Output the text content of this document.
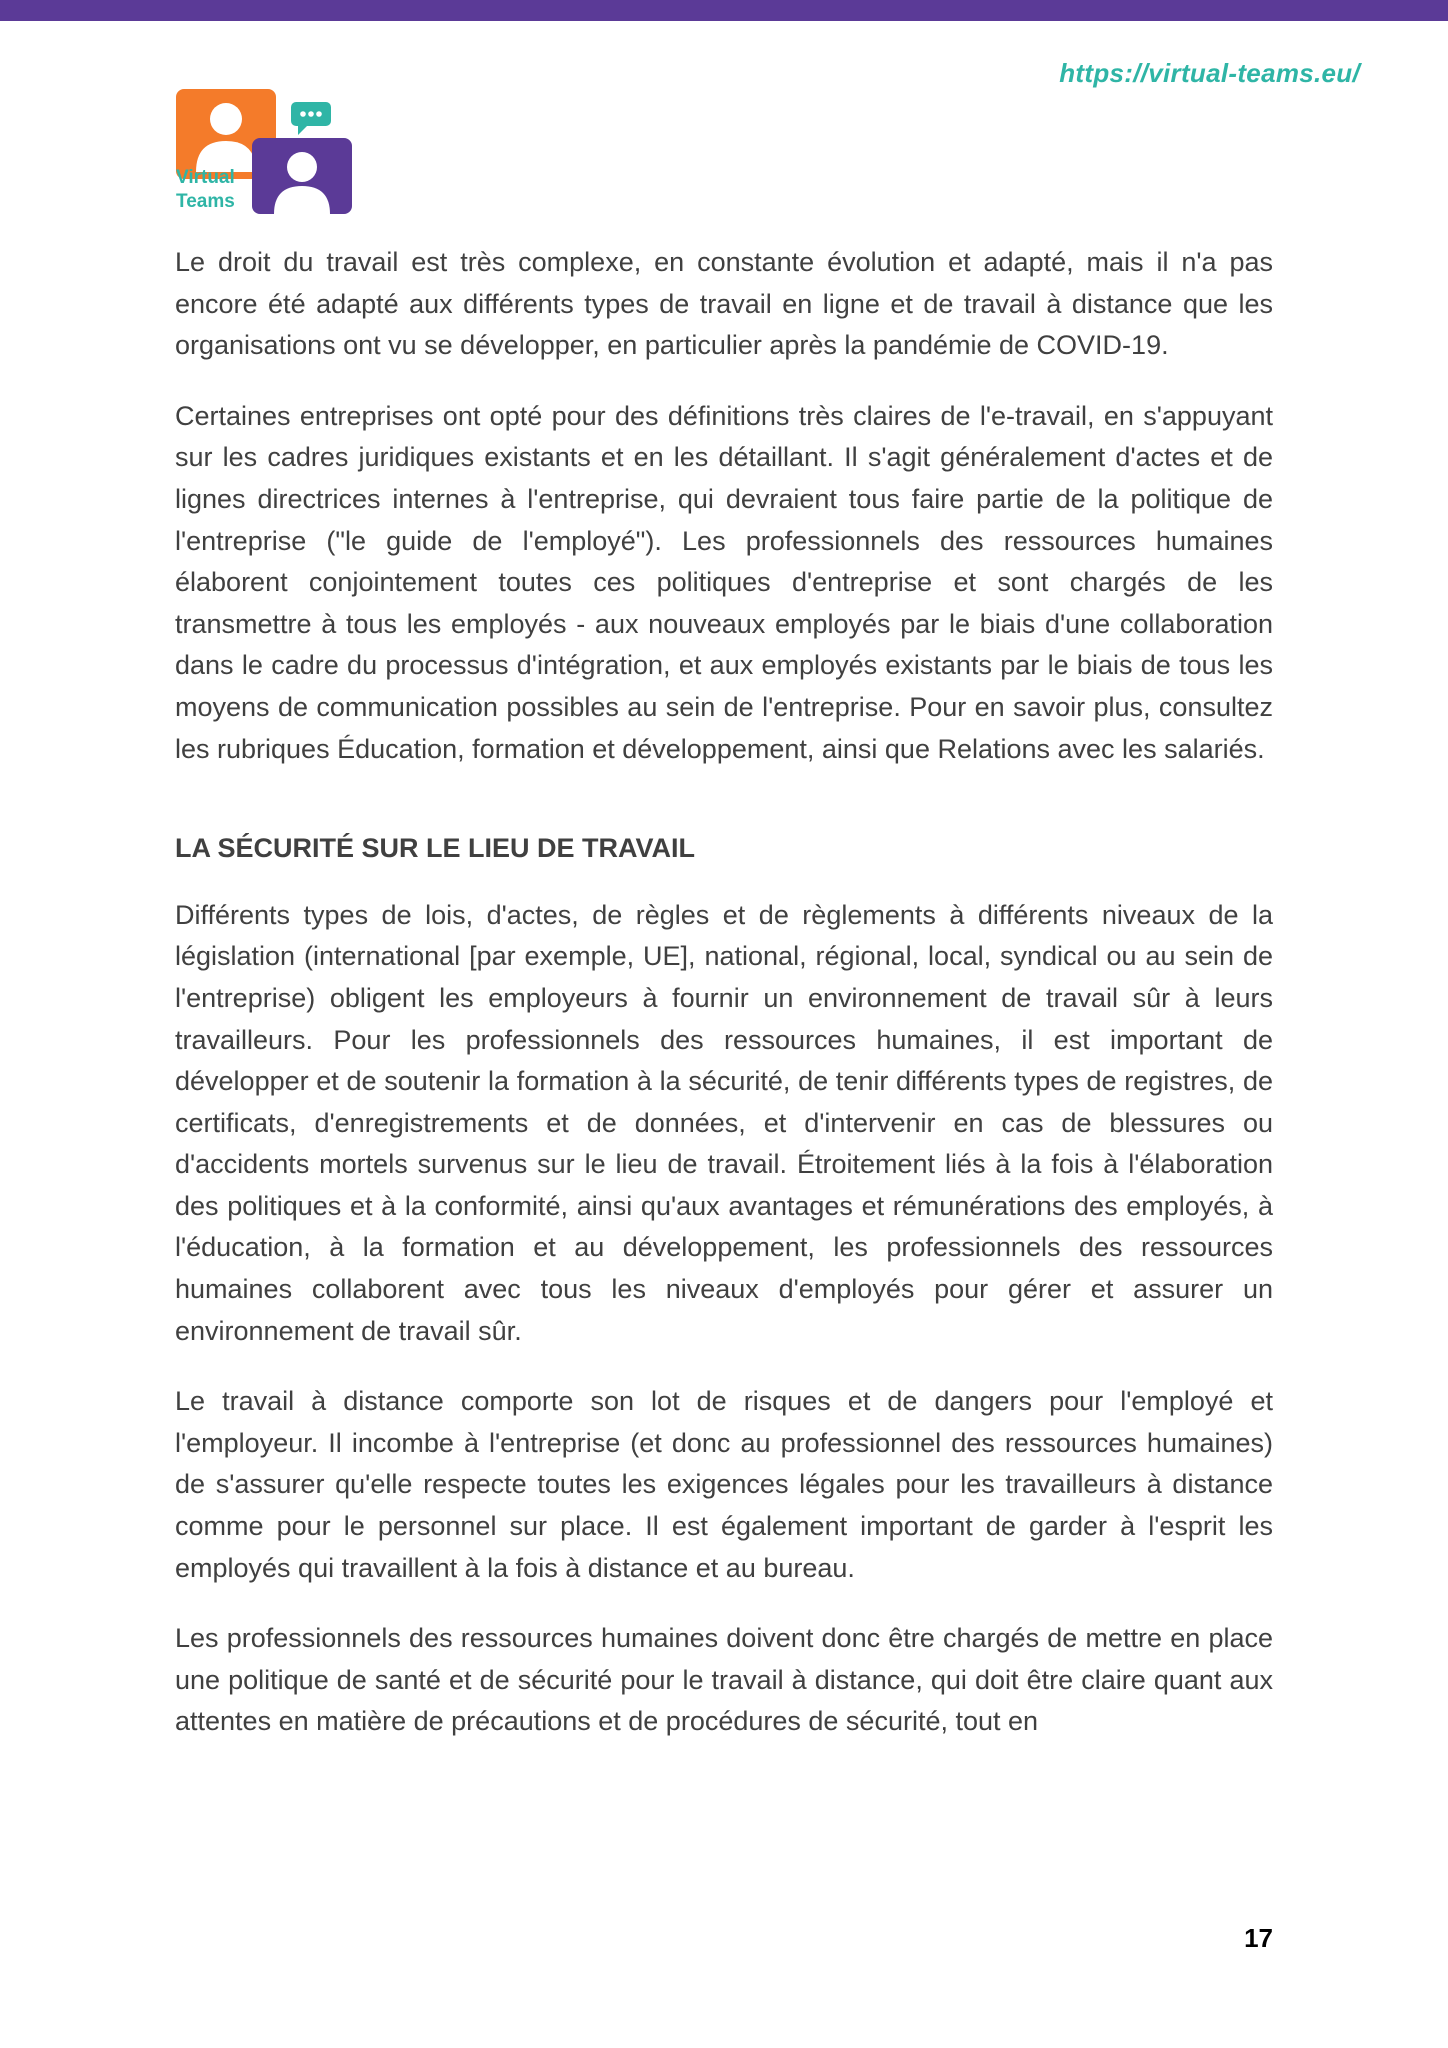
https://virtual-teams.eu/
Virtual
Teams

Le droit du travail est très complexe, en constante évolution et adapté, mais il n'a pas encore été adapté aux différents types de travail en ligne et de travail à distance que les organisations ont vu se développer, en particulier après la pandémie de COVID-19.

Certaines entreprises ont opté pour des définitions très claires de l'e-travail, en s'appuyant sur les cadres juridiques existants et en les détaillant. Il s'agit généralement d'actes et de lignes directrices internes à l'entreprise, qui devraient tous faire partie de la politique de l'entreprise ("le guide de l'employé"). Les professionnels des ressources humaines élaborent conjointement toutes ces politiques d'entreprise et sont chargés de les transmettre à tous les employés - aux nouveaux employés par le biais d'une collaboration dans le cadre du processus d'intégration, et aux employés existants par le biais de tous les moyens de communication possibles au sein de l'entreprise. Pour en savoir plus, consultez les rubriques Éducation, formation et développement, ainsi que Relations avec les salariés.

LA SÉCURITÉ SUR LE LIEU DE TRAVAIL

Différents types de lois, d'actes, de règles et de règlements à différents niveaux de la législation (international [par exemple, UE], national, régional, local, syndical ou au sein de l'entreprise) obligent les employeurs à fournir un environnement de travail sûr à leurs travailleurs. Pour les professionnels des ressources humaines, il est important de développer et de soutenir la formation à la sécurité, de tenir différents types de registres, de certificats, d'enregistrements et de données, et d'intervenir en cas de blessures ou d'accidents mortels survenus sur le lieu de travail. Étroitement liés à la fois à l'élaboration des politiques et à la conformité, ainsi qu'aux avantages et rémunérations des employés, à l'éducation, à la formation et au développement, les professionnels des ressources humaines collaborent avec tous les niveaux d'employés pour gérer et assurer un environnement de travail sûr.

Le travail à distance comporte son lot de risques et de dangers pour l'employé et l'employeur. Il incombe à l'entreprise (et donc au professionnel des ressources humaines) de s'assurer qu'elle respecte toutes les exigences légales pour les travailleurs à distance comme pour le personnel sur place. Il est également important de garder à l'esprit les employés qui travaillent à la fois à distance et au bureau.

Les professionnels des ressources humaines doivent donc être chargés de mettre en place une politique de santé et de sécurité pour le travail à distance, qui doit être claire quant aux attentes en matière de précautions et de procédures de sécurité, tout en

17
